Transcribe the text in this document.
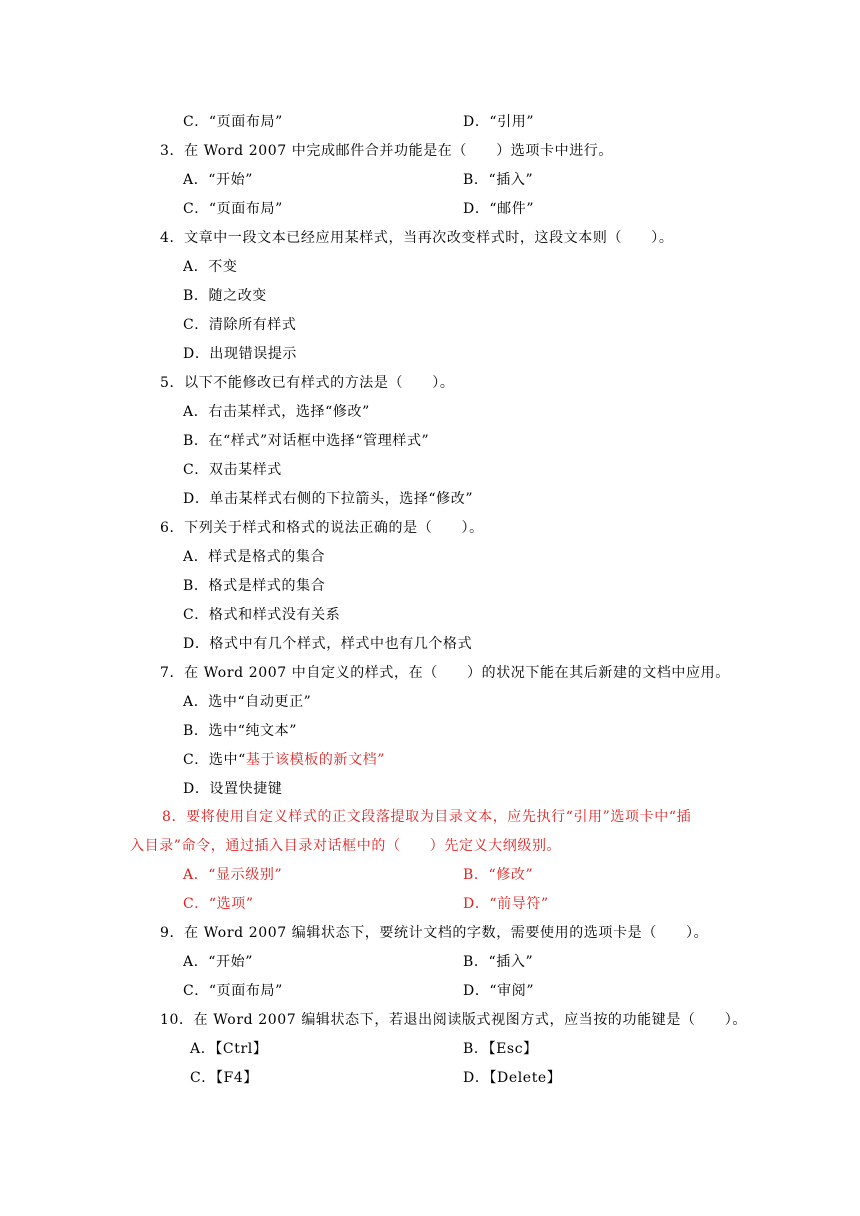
C．“页面布局”	D．“引用”
3．在 Word 2007 中完成邮件合并功能是在（　　）选项卡中进行。
A．“开始”	B．“插入”
C．“页面布局”	D．“邮件”
4．文章中一段文本已经应用某样式，当再次改变样式时，这段文本则（　　）。
A．不变
B．随之改变
C．清除所有样式
D．出现错误提示
5．以下不能修改已有样式的方法是（　　）。
A．右击某样式，选择“修改”
B．在“样式”对话框中选择“管理样式”
C．双击某样式
D．单击某样式右侧的下拉箭头，选择“修改”
6．下列关于样式和格式的说法正确的是（　　）。
A．样式是格式的集合
B．格式是样式的集合
C．格式和样式没有关系
D．格式中有几个样式，样式中也有几个格式
7．在 Word 2007 中自定义的样式，在（　　）的状况下能在其后新建的文档中应用。
A．选中“自动更正”
B．选中“纯文本”
D．设置快捷键
C．选中“基于该模板的新文档”
8．要将使用自定义样式的正文段落提取为目录文本，应先执行“引用”选项卡中“插
入目录”命令，通过插入目录对话框中的（　　）先定义大纲级别。
A．“显示级别”	B．“修改”
C．“选项”	D．“前导符”
9．在 Word 2007 编辑状态下，要统计文档的字数，需要使用的选项卡是（　　）。
A．“开始”	B．“插入”
C．“页面布局”	D．“审阅”
10．在 Word 2007 编辑状态下，若退出阅读版式视图方式，应当按的功能键是（　　）。
A．【Ctrl】	B．【Esc】
C．【F4】	D．【Delete】
